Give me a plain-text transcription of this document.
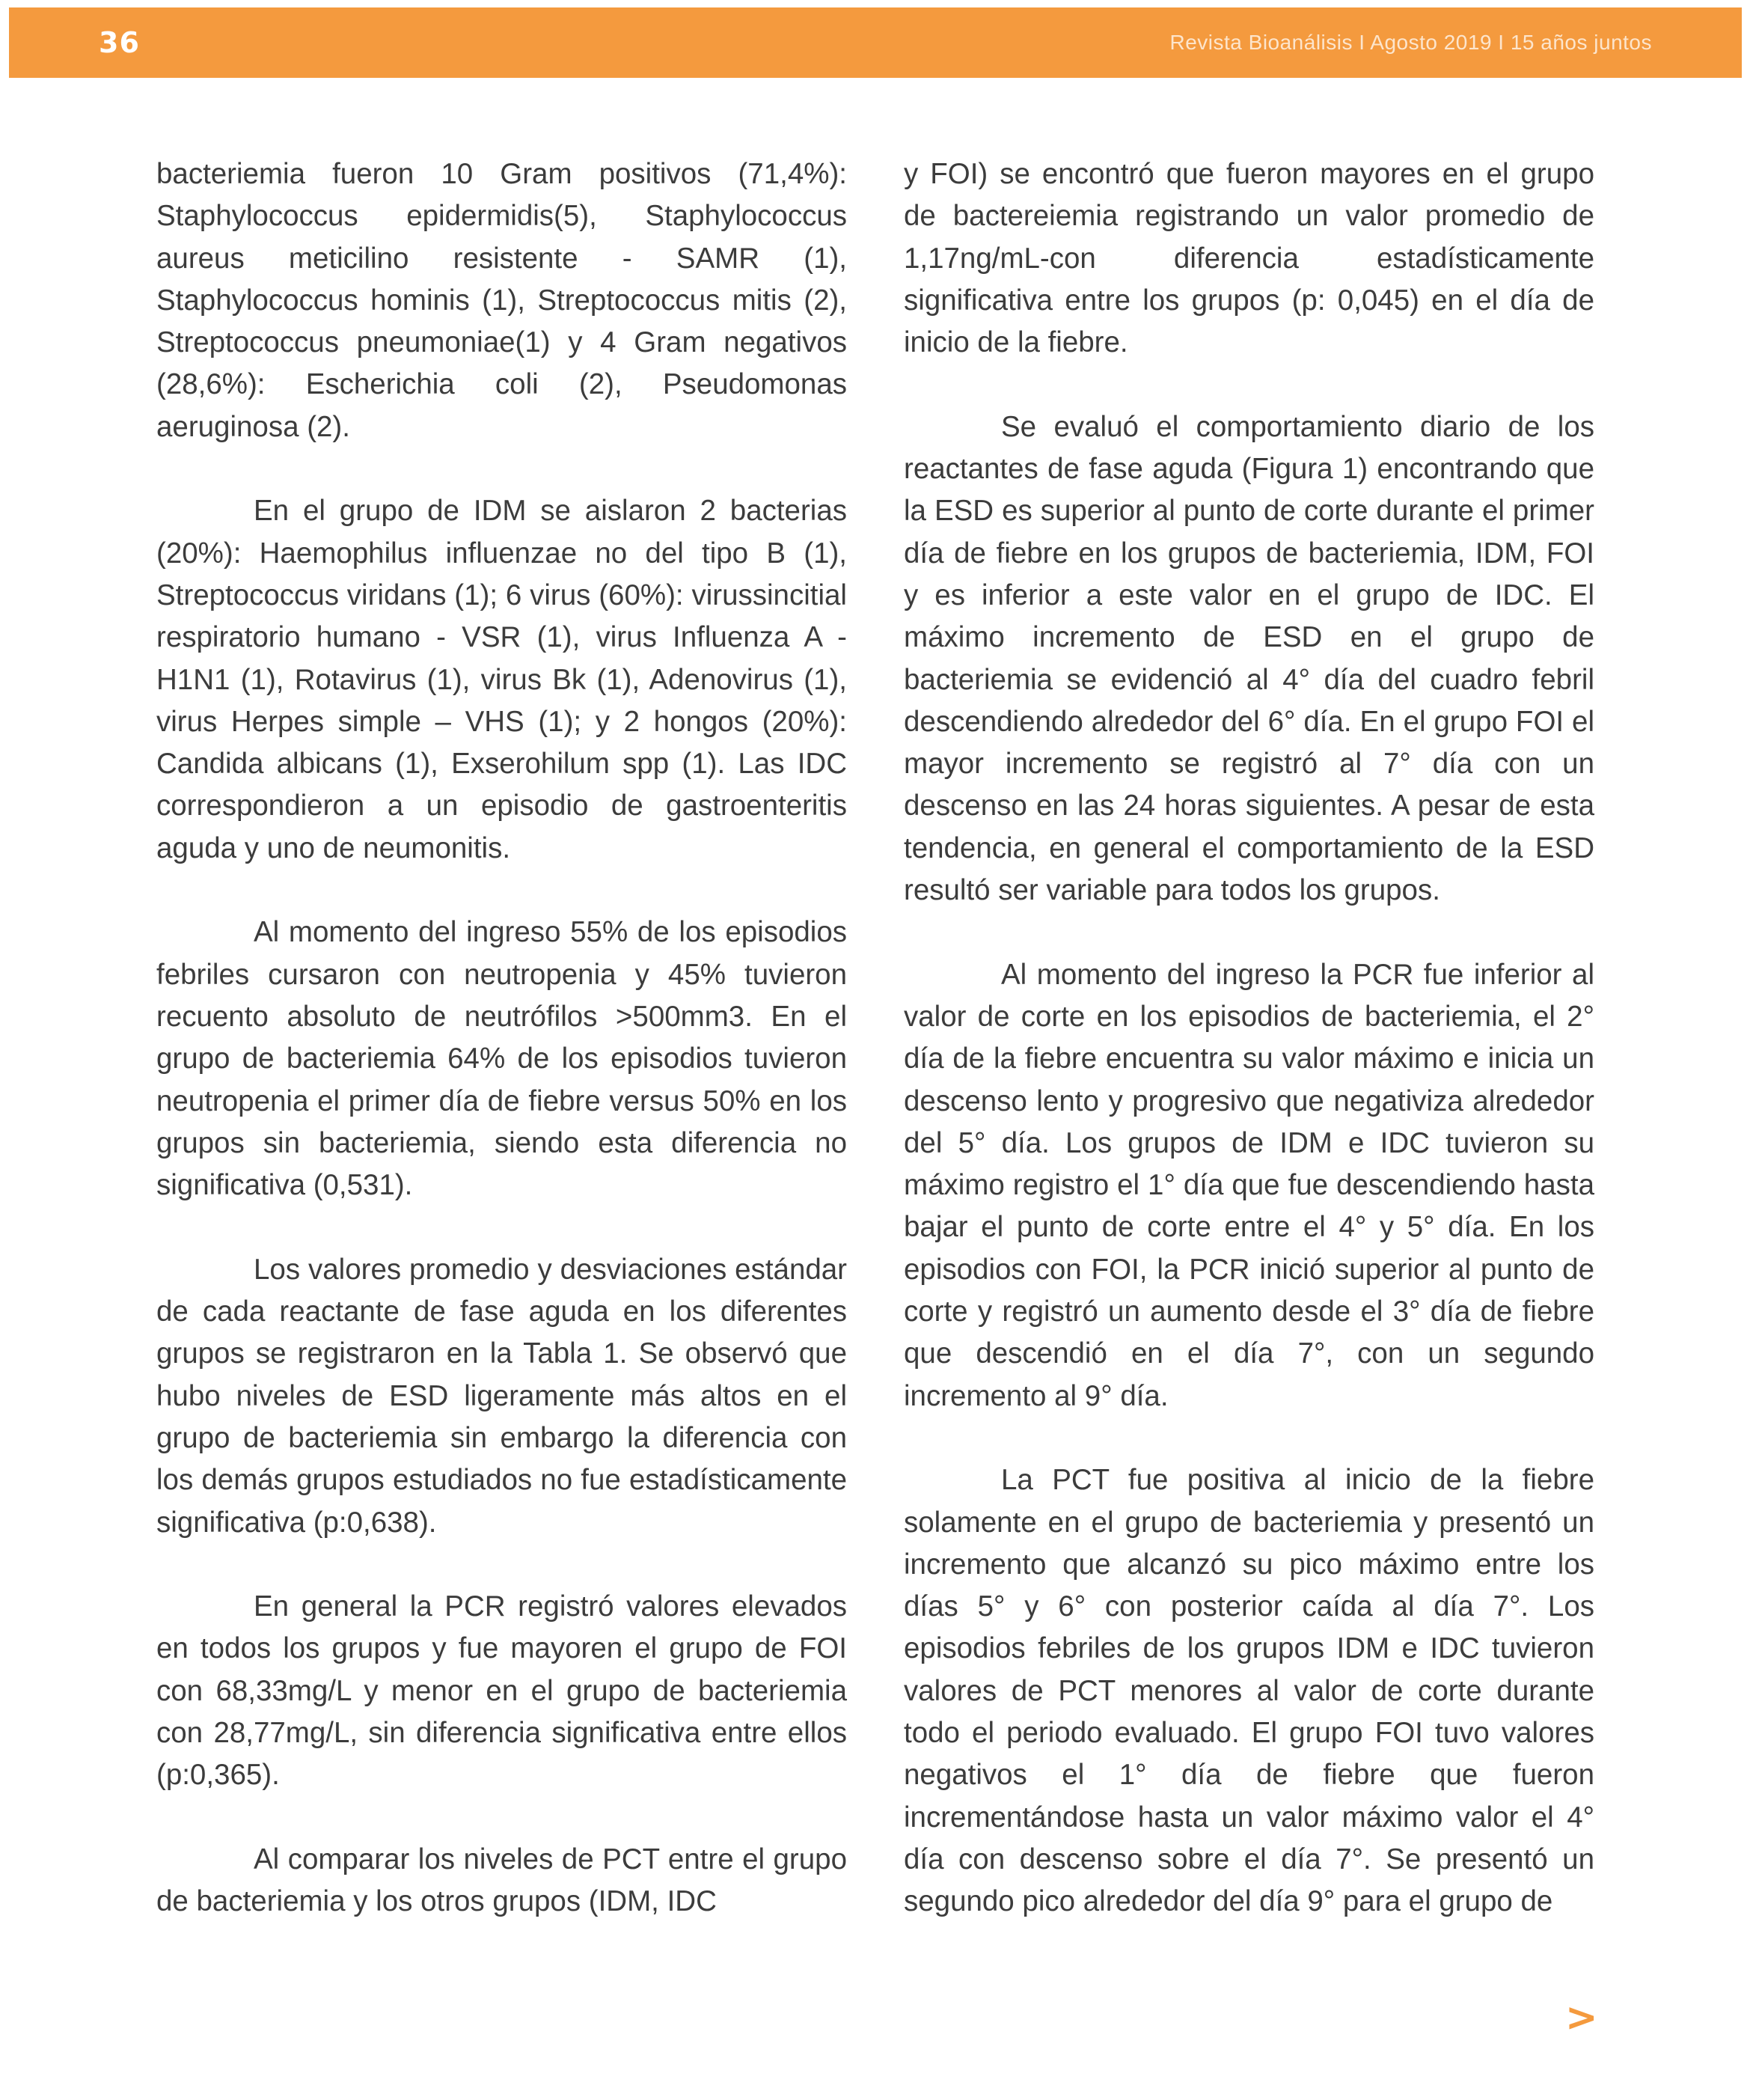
36	Revista Bioanálisis I Agosto 2019 I 15 años juntos

bacteriemia fueron 10 Gram positivos (71,4%): Staphylococcus epidermidis(5), Staphylococcus aureus meticilino resistente - SAMR (1), Staphylococcus hominis (1), Streptococcus mitis (2), Streptococcus pneumoniae(1) y 4 Gram negativos (28,6%): Escherichia coli (2), Pseudomonas aeruginosa (2).

En el grupo de IDM se aislaron 2 bacterias (20%): Haemophilus influenzae no del tipo B (1), Streptococcus viridans (1); 6 virus (60%): virussincitial respiratorio humano - VSR (1), virus Influenza A - H1N1 (1), Rotavirus (1), virus Bk (1), Adenovirus (1), virus Herpes simple – VHS (1); y 2 hongos (20%): Candida albicans (1), Exserohilum spp (1). Las IDC correspondieron a un episodio de gastroenteritis aguda y uno de neumonitis.

Al momento del ingreso 55% de los episodios febriles cursaron con neutropenia y 45% tuvieron recuento absoluto de neutrófilos >500mm3. En el grupo de bacteriemia 64% de los episodios tuvieron neutropenia el primer día de fiebre versus 50% en los grupos sin bacteriemia, siendo esta diferencia no significativa (0,531).

Los valores promedio y desviaciones estándar de cada reactante de fase aguda en los diferentes grupos se registraron en la Tabla 1. Se observó que hubo niveles de ESD ligeramente más altos en el grupo de bacteriemia sin embargo la diferencia con los demás grupos estudiados no fue estadísticamente significativa (p:0,638).

En general la PCR registró valores elevados en todos los grupos y fue mayoren el grupo de FOI con 68,33mg/L y menor en el grupo de bacteriemia con 28,77mg/L, sin diferencia significativa entre ellos (p:0,365).

Al comparar los niveles de PCT entre el grupo de bacteriemia y los otros grupos (IDM, IDC

y FOI) se encontró que fueron mayores en el grupo de bactereiemia registrando un valor promedio de 1,17ng/mL-con diferencia estadísticamente significativa entre los grupos (p: 0,045) en el día de inicio de la fiebre.

Se evaluó el comportamiento diario de los reactantes de fase aguda (Figura 1) encontrando que la ESD es superior al punto de corte durante el primer día de fiebre en los grupos de bacteriemia, IDM, FOI y es inferior a este valor en el grupo de IDC. El máximo incremento de ESD en el grupo de bacteriemia se evidenció al 4° día del cuadro febril descendiendo alrededor del 6° día. En el grupo FOI el mayor incremento se registró al 7° día con un descenso en las 24 horas siguientes. A pesar de esta tendencia, en general el comportamiento de la ESD resultó ser variable para todos los grupos.

Al momento del ingreso la PCR fue inferior al valor de corte en los episodios de bacteriemia, el 2° día de la fiebre encuentra su valor máximo e inicia un descenso lento y progresivo que negativiza alrededor del 5° día. Los grupos de IDM e IDC tuvieron su máximo registro el 1° día que fue descendiendo hasta bajar el punto de corte entre el 4° y 5° día. En los episodios con FOI, la PCR inició superior al punto de corte y registró un aumento desde el 3° día de fiebre que descendió en el día 7°, con un segundo incremento al 9° día.

La PCT fue positiva al inicio de la fiebre solamente en el grupo de bacteriemia y presentó un incremento que alcanzó su pico máximo entre los días 5° y 6° con posterior caída al día 7°. Los episodios febriles de los grupos IDM e IDC tuvieron valores de PCT menores al valor de corte durante todo el periodo evaluado. El grupo FOI tuvo valores negativos el 1° día de fiebre que fueron incrementándose hasta un valor máximo valor el 4° día con descenso sobre el día 7°. Se presentó un segundo pico alrededor del día 9° para el grupo de

>
